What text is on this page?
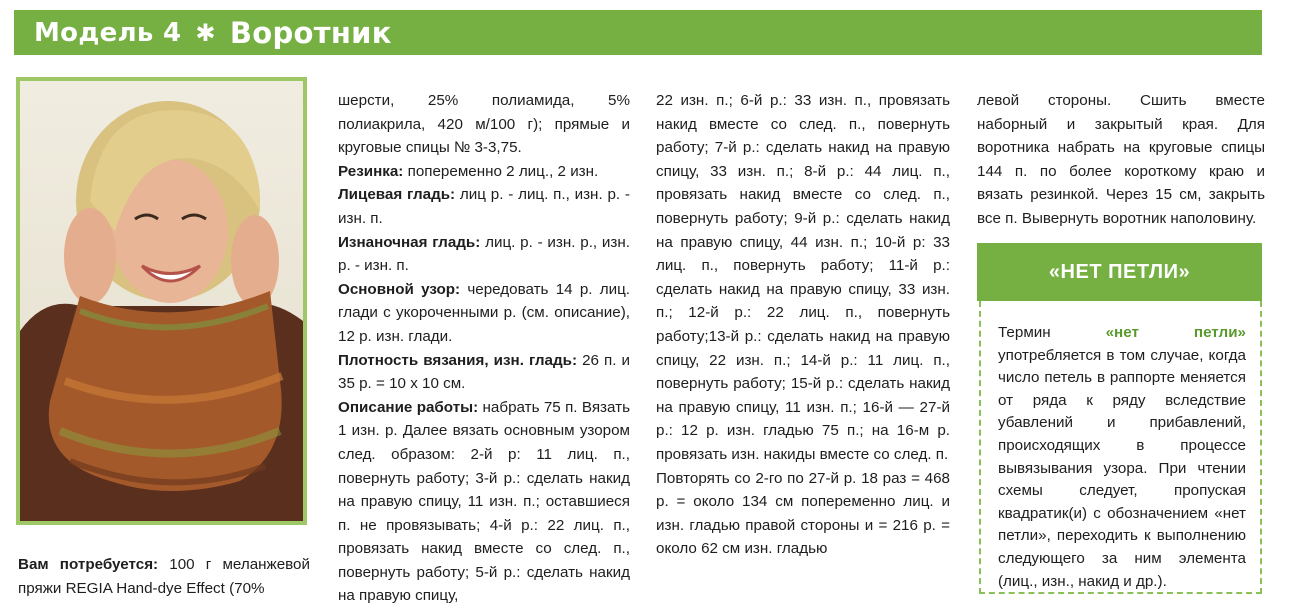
Модель 4 ✱ Воротник
Вам потребуется: 100 г меланжевой пряжи REGIA Hand-dye Effect (70%

шерсти, 25% полиамида, 5% полиакрила, 420 м/100 г); прямые и круговые спицы № 3-3,75.

Резинка: попеременно 2 лиц., 2 изн.

Лицевая гладь: лиц р. - лиц. п., изн. р. - изн. п.

Изнаночная гладь: лиц. р. - изн. р., изн. р. - изн. п.

Основной узор: чередовать 14 р. лиц. глади с укороченными р. (см. описание), 12 р. изн. глади.

Плотность вязания, изн. гладь: 26 п. и 35 р. = 10 х 10 см.

Описание работы: набрать 75 п. Вязать 1 изн. р. Далее вязать основным узором след. образом: 2-й р: 11 лиц. п., повернуть работу; 3-й р.: сделать накид на правую спицу, 11 изн. п.; оставшиеся п. не провязывать; 4-й р.: 22 лиц. п., провязать накид вместе со след. п., повернуть работу; 5-й р.: сделать накид на правую спицу,

22 изн. п.; 6-й р.: 33 изн. п., провязать накид вместе со след. п., повернуть работу; 7-й р.: сделать накид на правую спицу, 33 изн. п.; 8-й р.: 44 лиц. п., провязать накид вместе со след. п., повернуть работу; 9-й р.: сделать накид на правую спицу, 44 изн. п.; 10-й р: 33 лиц. п., повернуть работу; 11-й р.: сделать накид на правую спицу, 33 изн. п.; 12-й р.: 22 лиц. п., повернуть работу;13-й р.: сделать накид на правую спицу, 22 изн. п.; 14-й р.: 11 лиц. п., повернуть работу; 15-й р.: сделать накид на правую спицу, 11 изн. п.; 16-й — 27-й р.: 12 р. изн. гладью 75 п.; на 16-м р. провязать изн. накиды вместе со след. п.

Повторять со 2-го по 27-й р. 18 раз = 468 р. = около 134 см попеременно лиц. и изн. гладью правой стороны и = 216 р. = около 62 см изн. гладью

левой стороны. Сшить вместе наборный и закрытый края. Для воротника набрать на круговые спицы 144 п. по более короткому краю и вязать резинкой. Через 15 см, закрыть все п. Вывернуть воротник наполовину.

«НЕТ ПЕТЛИ»
Термин «нет петли» употребляется в том случае, когда число петель в раппорте меняется от ряда к ряду вследствие убавлений и прибавлений, происходящих в процессе вывязывания узора. При чтении схемы следует, пропуская квадратик(и) с обозначением «нет петли», переходить к выполнению следующего за ним элемента (лиц., изн., накид и др.).
